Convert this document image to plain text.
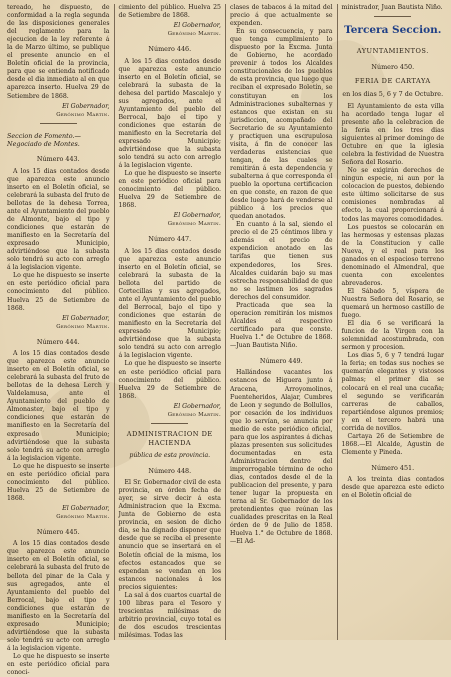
tereado, he dispuesto, de conformidad a la regla segunda de las disposiciones generales del reglamento para la ejecucion de la ley referente á la de Marzo último, se publique el presente anuncio en el Boletín oficial de la provincia, para que se entienda notificado desde el dia inmediato al en que aparezca inserto. Huelva 29 de Setiembre de 1868.

El Gobernador,
Gerónimo Martin.
Seccion de Fomento.—Negociado de Montes.
Número 443.

A los 15 dias contados desde que aparezca este anuncio inserto en el Boletín oficial, se celebrará la subasta del fruto de bellotas de la dehesa Torrea, ante el Ayuntamiento del pueblo de Almonte, bajo el tipo y condiciones que estarán de manifiesto en la Secretaría del expresado Municipio, advirtiéndose que la subasta solo tendrá su acto con arreglo á la legislacion vigente.

Lo que he dispuesto se inserte en este periódico oficial para conocimiento del público. Huelva 25 de Setiembre de 1868.

El Gobernador,
Gerónimo Martin.
Número 444.

A los 15 dias contados desde que aparezca este anuncio inserto en el Boletín oficial, se celebrará la subasta del fruto de bellotas de la dehesa Lerch y Valdelamusa, ante el Ayuntamiento del pueblo de Almonaster, bajo el tipo y condiciones que estarán de manifiesto en la Secretaría del expresado Municipio; advirtiéndose que la subasta solo tendrá su acto con arreglo á la legislacion vigente.

Lo que he dispuesto se inserte en este periódico oficial para conocimiento del público. Huelva 25 de Setiembre de 1868.

El Gobernador,
Gerónimo Martin.
Número 445.

A los 15 dias contados desde que aparezca este anuncio inserto en el Boletín oficial, se celebrará la subasta del fruto de bellota del pinar de la Cala y sus agregados, ante el Ayuntamiento del pueblo del Berrocal, bajo el tipo y condiciones que estarán de manifiesto en la Secretaría del expresado Municipio; advirtiéndose que la subasta solo tendrá su acto con arreglo á la legislacion vigente.

Lo que he dispuesto se inserte en este periódico oficial para conoci-

cimiento del público. Huelva 25 de Setiembre de 1868.

El Gobernador,
Gerónimo Martin.
Número 446.

A los 15 dias contados desde que aparezca este anuncio inserto en el Boletín oficial, se celebrará la subasta de la dehesa del partido Mascalejo y sus agregados, ante el Ayuntamiento del pueblo del Berrocal, bajo el tipo y condiciones que estarán de manifiesto en la Secretaría del expresado Municipio; advirtiéndose que la subasta solo tendrá su acto con arreglo á la legislacion vigente.

Lo que he dispuesto se inserte en este periódico oficial para conocimiento del público. Huelva 29 de Setiembre de 1868.

El Gobernador,
Gerónimo Martin.
Número 447.

A los 15 dias contados desde que aparezca este anuncio inserto en el Boletín oficial, se celebrará la subasta de la bellota del partido de Cortecillas y sus agregados, ante el Ayuntamiento del pueblo del Berrocal, bajo el tipo y condiciones que estarán de manifiesto en la Secretaría del expresado Municipio; advirtiéndose que la subasta solo tendrá su acto con arreglo á la legislacion vigente.

Lo que he dispuesto se inserte en este periódico oficial para conocimiento del público. Huelva 29 de Setiembre de 1868.

El Gobernador,
Gerónimo Martin.
ADMINISTRACION DE HACIENDA
pública de esta provincia.
Número 448.

El Sr. Gobernador civil de esta provincia, en órden fecha de ayer, se sirve decir á esta Administracion que la Excma. Junta de Gobierno de esta provincia, en sesion de dicho dia, se ha dignado disponer que desde que se reciba el presente anuncio que se insertará en el Boletín oficial de la misma, los efectos estancados que se expendan se vendan en los estancos nacionales á los precios siguientes:

La sal á dos cuartos cuartal de 100 libras para el Tesoro y trescientas milésimas de arbitrio provincial, cuyo total es de dos escudos trescientas milésimas. Todas las

clases de tabacos á la mitad del precio á que actualmente se expenden.

En su consecuencia, y para que tenga cumplimiento lo dispuesto por la Excma. Junta de Gobierno, he acordado prevenir á todos los Alcaldes constitucionales de los pueblos de esta provincia, que luego que reciban el expresado Boletín, se constituyan en los Administraciones subalternas y estancos que existan en su jurisdiccion, acompañado del Secretario de su Ayuntamiento y practiquen una escrupulosa visita, á fin de conocer las verdaderas existencias que tengan, de las cuales se remitirán á esta dependencia y subalterna á que corresponda el pueblo la oportuna certificacion en que conste, en razon de que desde luego hará de venderse al público á los precios que quedan anotados.

En cuanto á la sal, siendo el precio el de 25 céntimos libra y además el precio de expendicion anotado en las tarifas que tienen sus expendedores, los Sres. Alcaldes cuidarán bajo su mas estrecha responsabilidad de que no se lastimen los sagrados derechos del consumidor.

Practicada que sea la operacion remitirán los mismos Alcaldes el respectivo certificado para que conste. Huelva 1.° de Octubre de 1868. —Juan Bautista Niño.

Número 449.

Hallándose vacantes los estancos de Higuera junto á Aracena, Arroyomolinos, Fuenteheridos, Alajar, Cumbres de Leon y segundo de Bollullos, por cesación de los individuos que lo servían, se anuncia por medio de este periódico oficial, para que los aspirantes á dichas plazas presenten sus solicitudes documentadas en esta Administracion dentro del improrrogable término de ocho dias, contados desde el de la publicacion del presente, y para tener lugar la propuesta en terna al Sr. Gobernador de los pretendientes que reúnan las cualidades prescritas en la Real órden de 9 de Julio de 1858. Huelva 1.° de Octubre de 1868.—El Ad-

ministrador, Juan Bautista Niño.

Tercera Seccion.
AYUNTAMIENTOS.
Número 450.
FERIA DE CARTAYA
en los dias 5, 6 y 7 de Octubre.

El Ayuntamiento de esta villa ha acordado tenga lugar el presente año la celebracion de la feria en los tres dias siguientes al primer domingo de Octubre en que la iglesia celebra la festividad de Nuestra Señora del Rosario.

No se exigirán derechos de ningun especie, ni aun por la colocacion de puestos, debiendo este último solicitarse de sus comisiones nombradas al efecto, la cual proporcionará á todos las mayores comodidades.

Los puestos se colocarán en las hermosas y estensas plazas de la Constitucion y calle Nueva, y el real para los ganados en el espacioso terreno denominado el Almendral, que cuenta con excelentes abrevaderos.

El Sábado 5, víspera de Nuestra Señora del Rosario, se quemará un hermoso castillo de fuego.

El dia 6 se verificará la funcion de la Virgen con la solemnidad acostumbrada, con sermon y procesion.

Los dias 5, 6 y 7 tendrá lugar la feria; en todas sus noches se quemarán elegantes y vistosos palmas; el primer dia se colocará en el real una cucaña; el segundo se verificarán carreras de caballos, repartiéndose algunos premios; y en el tercero habrá una corrida de novillos.

Cartaya 26 de Setiembre de 1868.—El Alcalde, Agustin de Clemente y Pineda.

Número 451.

A los treinta dias contados desde que aparezca este edicto en el Boletín oficial de
